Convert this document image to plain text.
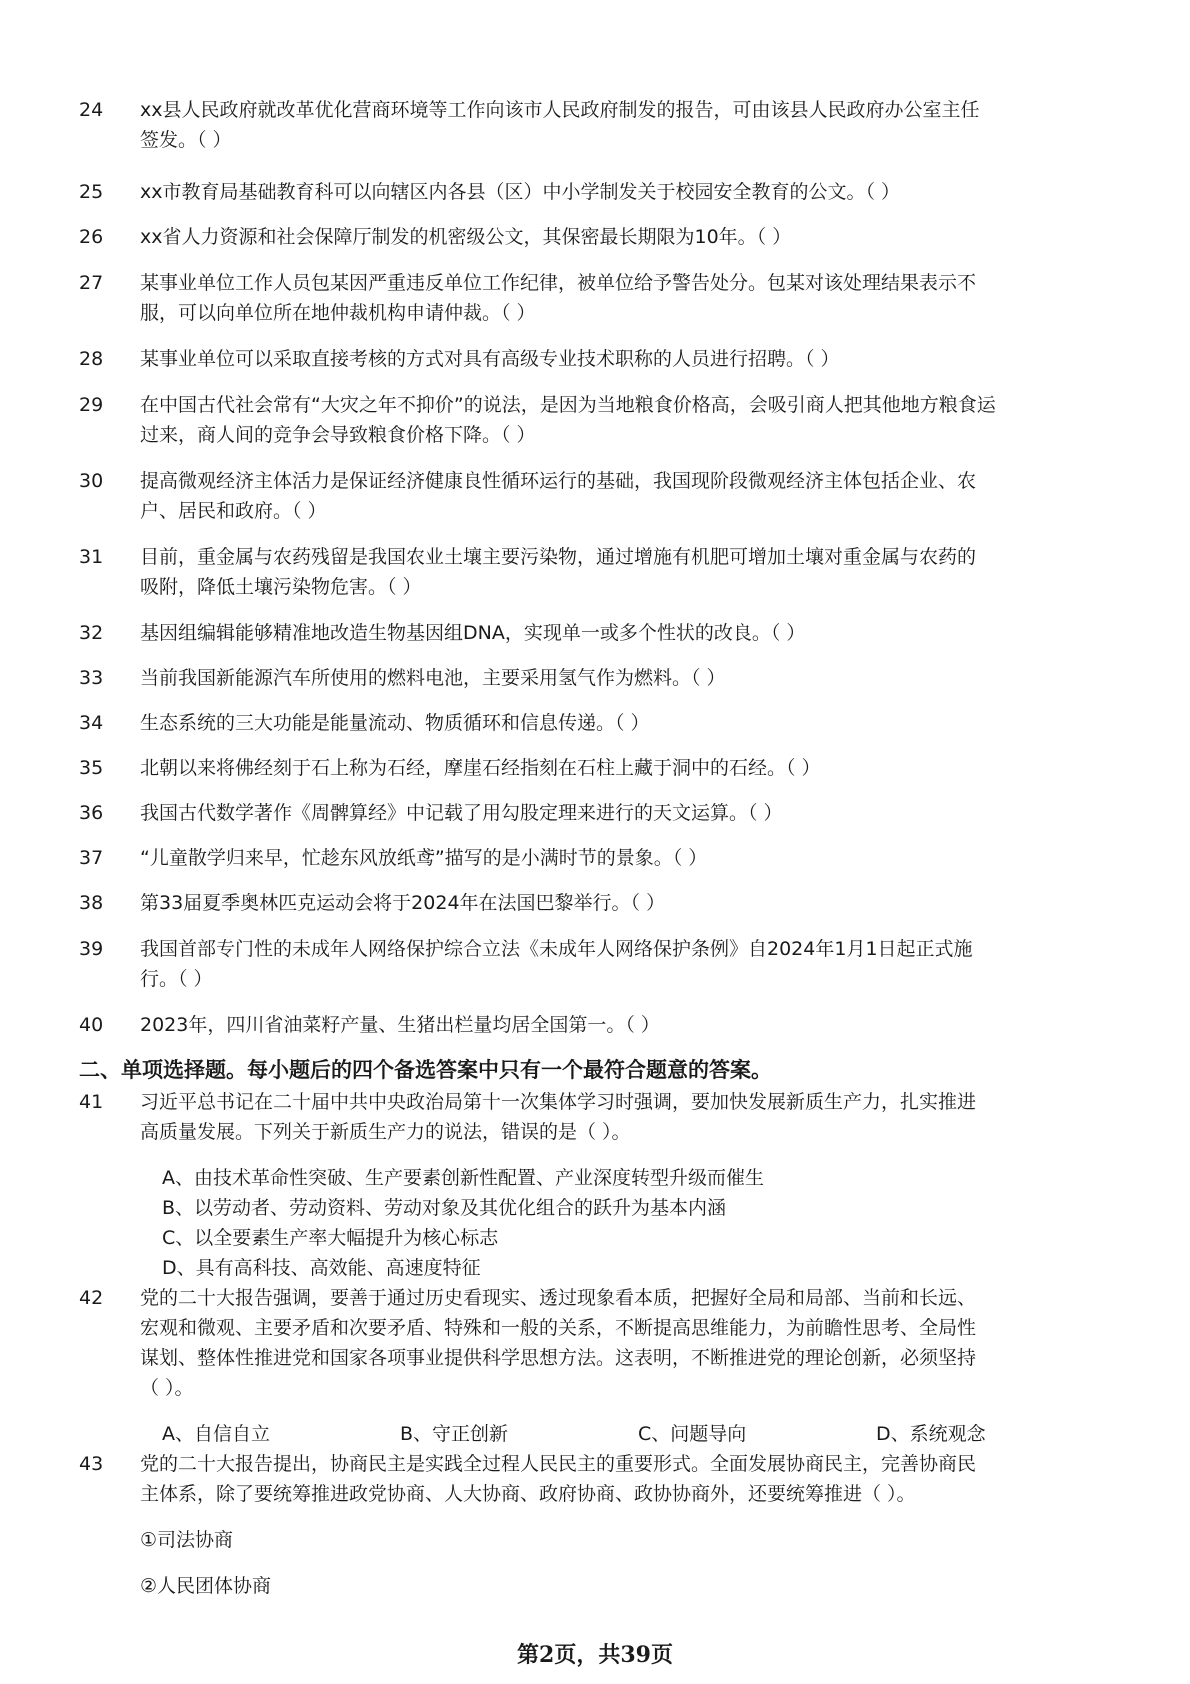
24	xx县人民政府就改革优化营商环境等工作向该市人民政府制发的报告，可由该县人民政府办公室主任
签发。（ ）
25	xx市教育局基础教育科可以向辖区内各县（区）中小学制发关于校园安全教育的公文。（ ）
26	xx省人力资源和社会保障厅制发的机密级公文，其保密最长期限为10年。（ ）
27	某事业单位工作人员包某因严重违反单位工作纪律，被单位给予警告处分。包某对该处理结果表示不
服，可以向单位所在地仲裁机构申请仲裁。（ ）
28	某事业单位可以采取直接考核的方式对具有高级专业技术职称的人员进行招聘。（ ）
29	在中国古代社会常有“大灾之年不抑价”的说法，是因为当地粮食价格高，会吸引商人把其他地方粮食运
过来，商人间的竞争会导致粮食价格下降。（ ）
30	提高微观经济主体活力是保证经济健康良性循环运行的基础，我国现阶段微观经济主体包括企业、农
户、居民和政府。（ ）
31	目前，重金属与农药残留是我国农业土壤主要污染物，通过增施有机肥可增加土壤对重金属与农药的
吸附，降低土壤污染物危害。（ ）
32	基因组编辑能够精准地改造生物基因组DNA，实现单一或多个性状的改良。（ ）
33	当前我国新能源汽车所使用的燃料电池，主要采用氢气作为燃料。（ ）
34	生态系统的三大功能是能量流动、物质循环和信息传递。（ ）
35	北朝以来将佛经刻于石上称为石经，摩崖石经指刻在石柱上藏于洞中的石经。（ ）
36	我国古代数学著作《周髀算经》中记载了用勾股定理来进行的天文运算。（ ）
37	“儿童散学归来早，忙趁东风放纸鸢”描写的是小满时节的景象。（ ）
38	第33届夏季奥林匹克运动会将于2024年在法国巴黎举行。（ ）
39	我国首部专门性的未成年人网络保护综合立法《未成年人网络保护条例》自2024年1月1日起正式施
行。（ ）
40	2023年，四川省油菜籽产量、生猪出栏量均居全国第一。（ ）
二、单项选择题。每小题后的四个备选答案中只有一个最符合题意的答案。
41	习近平总书记在二十届中共中央政治局第十一次集体学习时强调，要加快发展新质生产力，扎实推进
高质量发展。下列关于新质生产力的说法，错误的是（ ）。
A、由技术革命性突破、生产要素创新性配置、产业深度转型升级而催生
B、以劳动者、劳动资料、劳动对象及其优化组合的跃升为基本内涵
C、以全要素生产率大幅提升为核心标志
D、具有高科技、高效能、高速度特征
42	党的二十大报告强调，要善于通过历史看现实、透过现象看本质，把握好全局和局部、当前和长远、
宏观和微观、主要矛盾和次要矛盾、特殊和一般的关系，不断提高思维能力，为前瞻性思考、全局性
谋划、整体性推进党和国家各项事业提供科学思想方法。这表明，不断推进党的理论创新，必须坚持
（ ）。
A、自信自立	B、守正创新	C、问题导向	D、系统观念
43	党的二十大报告提出，协商民主是实践全过程人民民主的重要形式。全面发展协商民主，完善协商民
主体系，除了要统筹推进政党协商、人大协商、政府协商、政协协商外，还要统筹推进（ ）。
①司法协商
②人民团体协商
第2页，共39页
